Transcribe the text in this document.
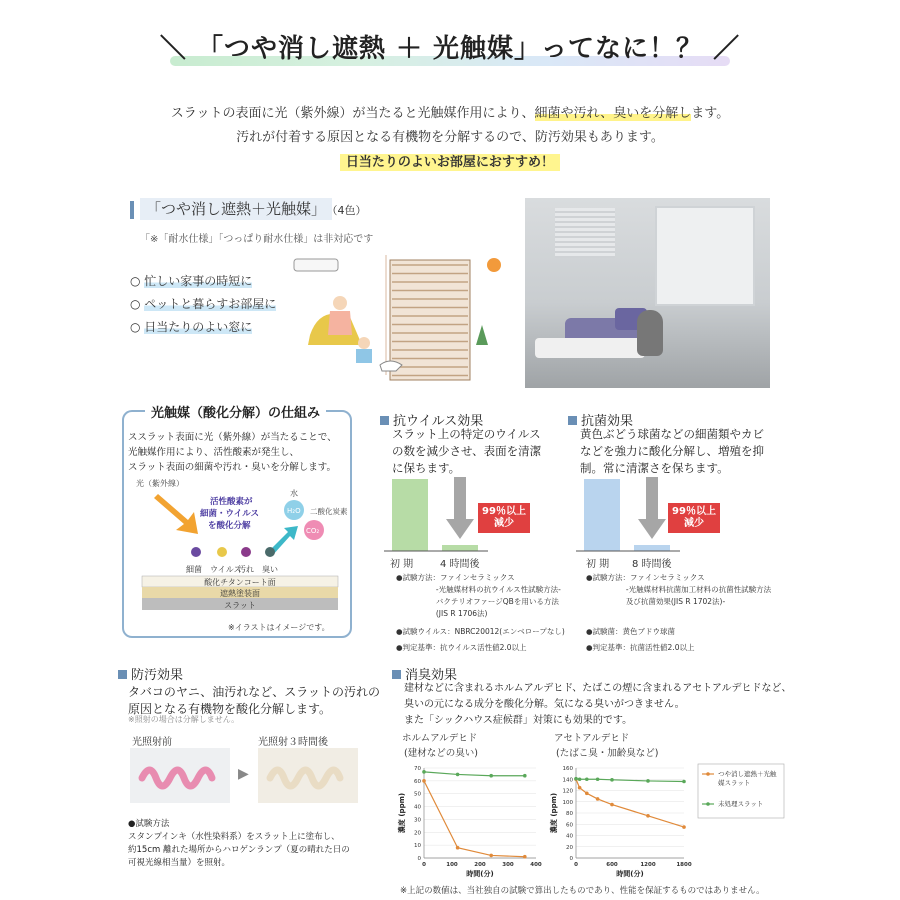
＼ 「つや消し遮熱 ＋ 光触媒」ってなに！？ ／
スラットの表面に光（紫外線）が当たると光触媒作用により、細菌や汚れ、臭いを分解します。
汚れが付着する原因となる有機物を分解するので、防汚効果もあります。
日当たりのよいお部屋におすすめ！
「つや消し遮熱＋光触媒」 （4色）
「※「耐水仕様」「つっぱり耐水仕様」は非対応です
○ 忙しい家事の時短に
○ ペットと暮らすお部屋に
○ 日当たりのよい窓に
光触媒（酸化分解）の仕組み
ススラット表面に光（紫外線）が当たることで、
光触媒作用により、活性酸素が発生し、
スラット表面の細菌や汚れ・臭いを分解します。
光（紫外線）
活性酸素が
細菌・ウイルス
を酸化分解
水
H₂O 二酸化炭素
CO₂
細菌 ウイルス
汚れ 臭い
酸化チタンコート面
遮熱塗装面
スラット
※イラストはイメージです。
抗ウイルス効果
スラット上の特定のウイルス
の数を減少させ、表面を清潔
に保ちます。
初 期	4 時間後
99％以上
減少
●試験方法：ファインセラミックス
　　　　　 -光触媒材料の抗ウイルス性試験方法-
　　　　　 バクテリオファージQBを用いる方法
　　　　　 (JIS R 1706法)
●試験ウイルス：NBRC20012(エンベロープなし)
●判定基準：抗ウイルス活性値2.0以上
抗菌効果
黄色ぶどう球菌などの細菌類やカビ
などを強力に酸化分解し、増殖を抑
制。常に清潔さを保ちます。
初 期 8 時間後
99％以上
減少
●試験方法：ファインセラミックス
　　　　　 -光触媒材料抗菌加工材料の抗菌性試験方法
　　　　　 及び抗菌効果(JIS R 1702法)-
●試験菌：黄色ブドウ球菌
●判定基準：抗菌活性値2.0以上
防汚効果
タバコのヤニ、油汚れなど、スラットの汚れの
原因となる有機物を酸化分解します。
※照射の場合は分解しません。
光照射前	光照射３時間後
▶
●試験方法
スタンプインキ（水性染料系）をスラット上に塗布し、
約15cm 離れた場所からハロゲンランプ（夏の晴れた日の
可視光線相当量）を照射。
消臭効果
建材などに含まれるホルムアルデヒド、たばこの煙に含まれるアセトアルデヒドなど、
臭いの元になる成分を酸化分解。気になる臭いがつきません。
また「シックハウス症候群」対策にも効果的です。
ホルムアルデヒド
(建材などの臭い)
0
10
20
30
40
50
60
70
0	100	200	300	400
時間(分)
濃度 (ppm)
アセトアルデヒド
(たばこ臭・加齢臭など)
0
20
40
60
80
100
120
140
160
0	600	1200	1800
時間(分)
濃度 (ppm)
つや消し遮熱＋光触
媒スラット
未処理スラット
※上記の数値は、当社独自の試験で算出したものであり、性能を保証するものではありません。
